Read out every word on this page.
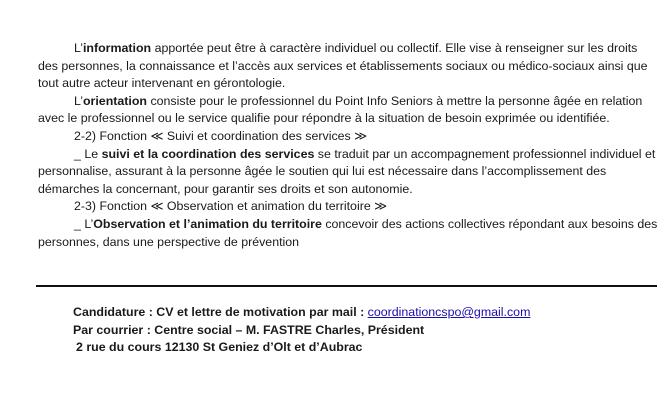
L’information apportée peut être à caractère individuel ou collectif. Elle vise à renseigner sur les droits des personnes, la connaissance et l’accès aux services et établissements sociaux ou médico-sociaux ainsi que tout autre acteur intervenant en gérontologie.

L’orientation consiste pour le professionnel du Point Info Seniors à mettre la personne âgée en relation avec le professionnel ou le service qualifie pour répondre à la situation de besoin exprimée ou identifiée.

2-2) Fonction ≪ Suivi et coordination des services ≫

_ Le suivi et la coordination des services se traduit par un accompagnement professionnel individuel et personnalise, assurant à la personne âgée le soutien qui lui est nécessaire dans l’accomplissement des démarches la concernant, pour garantir ses droits et son autonomie.

2-3) Fonction ≪ Observation et animation du territoire ≫

_ L’Observation et l’animation du territoire concevoir des actions collectives répondant aux besoins des personnes, dans une perspective de prévention

Candidature : CV et lettre de motivation par mail : coordinationcspo@gmail.com

Par courrier : Centre social – M. FASTRE Charles, Président

2 rue du cours 12130 St Geniez d’Olt et d’Aubrac
